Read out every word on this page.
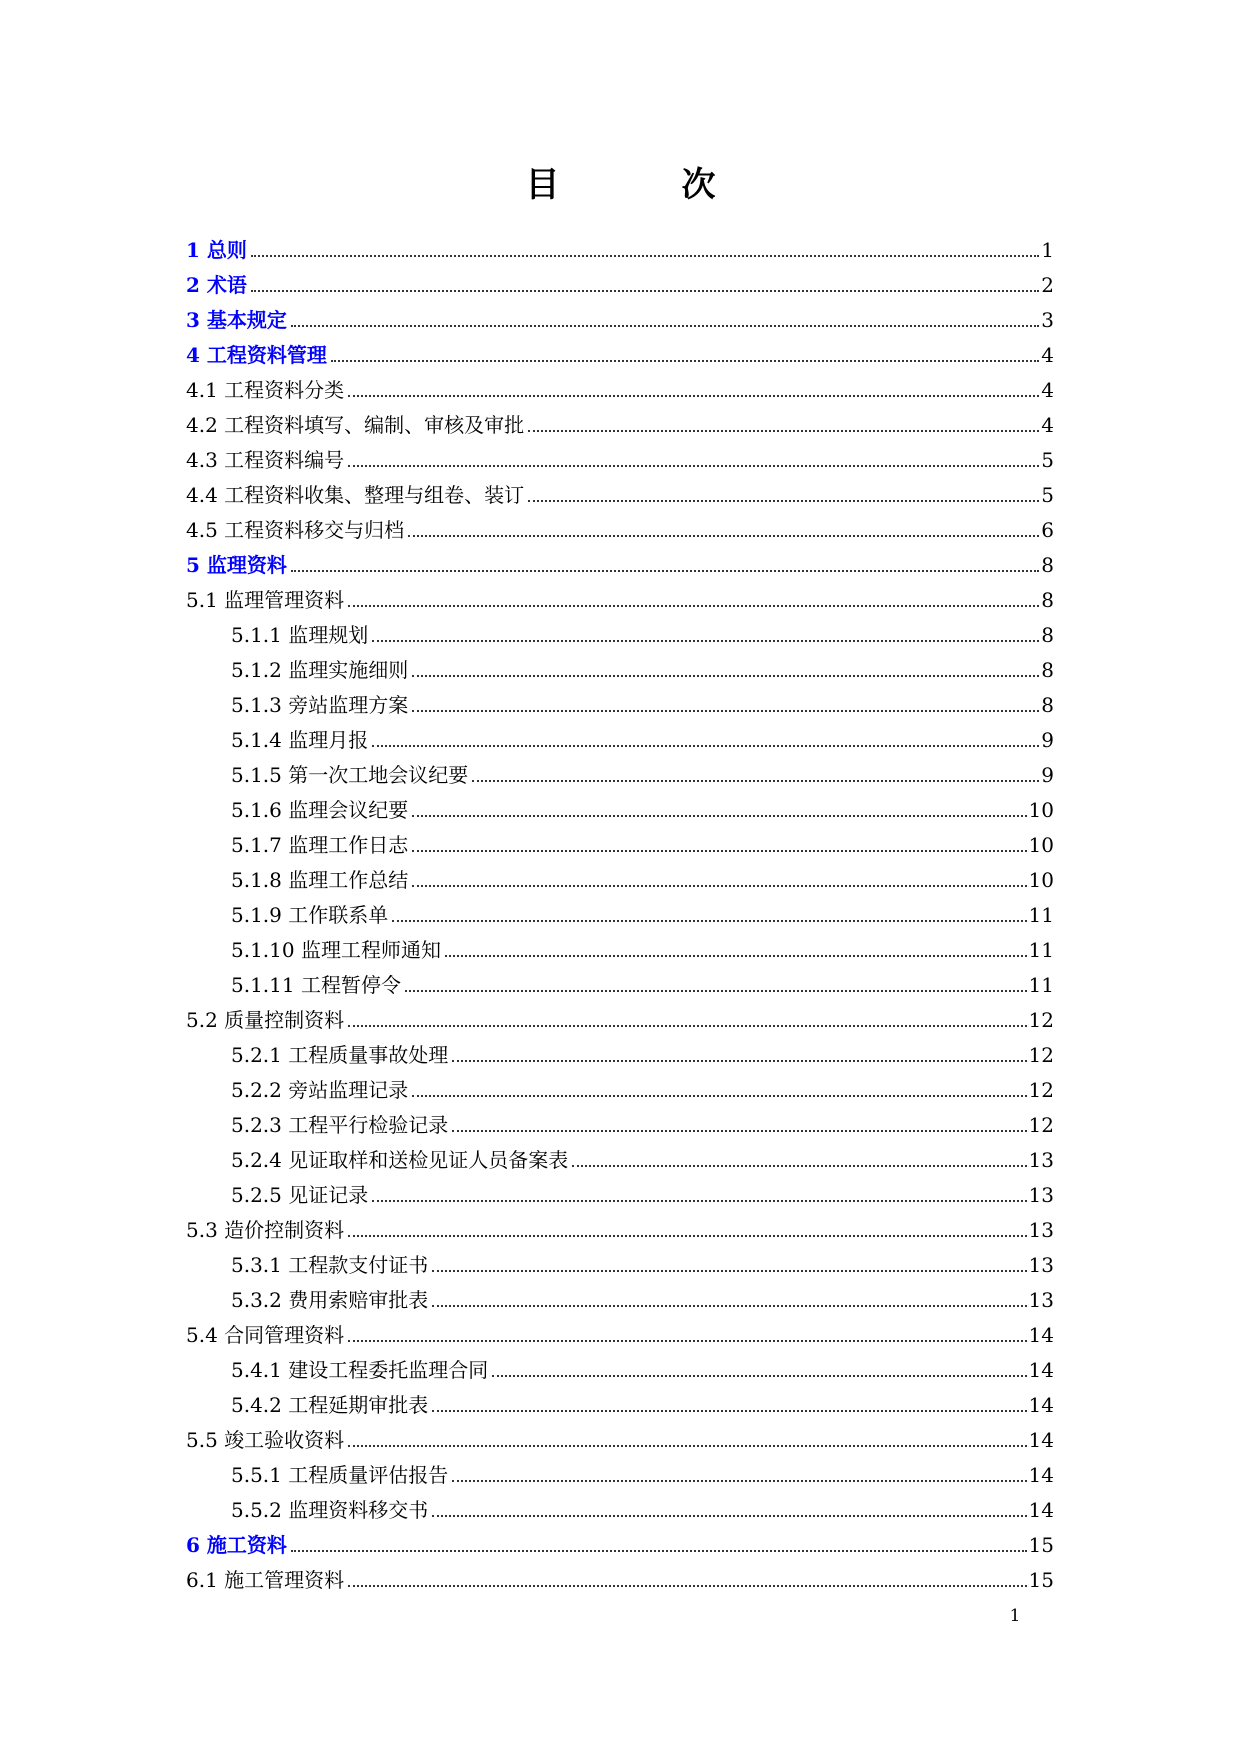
目　次
1 总则	1
2 术语	2
3 基本规定	3
4 工程资料管理	4
4.1 工程资料分类	4
4.2 工程资料填写、编制、审核及审批	4
4.3 工程资料编号	5
4.4 工程资料收集、整理与组卷、装订	5
4.5 工程资料移交与归档	6
5 监理资料	8
5.1 监理管理资料	8
5.1.1 监理规划	8
5.1.2 监理实施细则	8
5.1.3 旁站监理方案	8
5.1.4 监理月报	9
5.1.5 第一次工地会议纪要	9
5.1.6 监理会议纪要	10
5.1.7 监理工作日志	10
5.1.8 监理工作总结	10
5.1.9 工作联系单	11
5.1.10 监理工程师通知	11
5.1.11 工程暂停令	11
5.2 质量控制资料	12
5.2.1 工程质量事故处理	12
5.2.2 旁站监理记录	12
5.2.3 工程平行检验记录	12
5.2.4 见证取样和送检见证人员备案表	13
5.2.5 见证记录	13
5.3 造价控制资料	13
5.3.1 工程款支付证书	13
5.3.2 费用索赔审批表	13
5.4 合同管理资料	14
5.4.1 建设工程委托监理合同	14
5.4.2 工程延期审批表	14
5.5 竣工验收资料	14
5.5.1 工程质量评估报告	14
5.5.2 监理资料移交书	14
6 施工资料	15
6.1 施工管理资料	15
1
